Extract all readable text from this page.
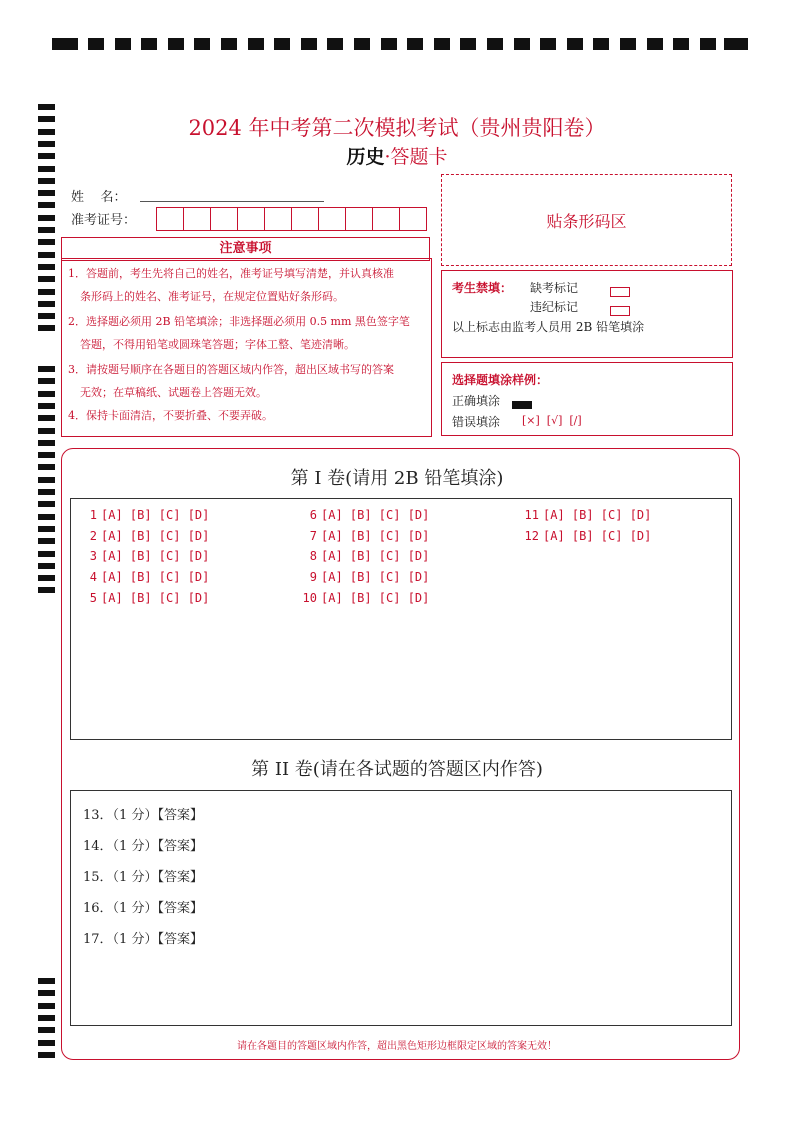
2024 年中考第二次模拟考试（贵州贵阳卷）
历史·答题卡
姓    名：
准考证号：	贴条形码区
注意事项
1．答题前，考生先将自己的姓名，准考证号填写清楚，并认真核准
条形码上的姓名、准考证号，在规定位置贴好条形码。
2．选择题必须用 2B 铅笔填涂；非选择题必须用 0.5 mm 黑色签字笔
答题，不得用铅笔或圆珠笔答题；字体工整、笔迹清晰。
3．请按题号顺序在各题目的答题区域内作答，超出区域书写的答案
无效；在草稿纸、试题卷上答题无效。
4．保持卡面清洁，不要折叠、不要弄破。
考生禁填： 缺考标记
违纪标记
以上标志由监考人员用 2B 铅笔填涂
选择题填涂样例：
正确填涂
错误填涂 [×]  [√]  [/]
第 I 卷(请用 2B 铅笔填涂)
1 [A] [B] [C] [D]
2 [A] [B] [C] [D]
3 [A] [B] [C] [D]
4 [A] [B] [C] [D]
5 [A] [B] [C] [D]
6 [A] [B] [C] [D]
7 [A] [B] [C] [D]
8 [A] [B] [C] [D]
9 [A] [B] [C] [D]
10 [A] [B] [C] [D]
11 [A] [B] [C] [D]
12 [A] [B] [C] [D]
第 II 卷(请在各试题的答题区内作答)
13．（1 分）【答案】
14．（1 分）【答案】
15．（1 分）【答案】
16．（1 分）【答案】
17．（1 分）【答案】
请在各题目的答题区域内作答，超出黑色矩形边框限定区域的答案无效！
